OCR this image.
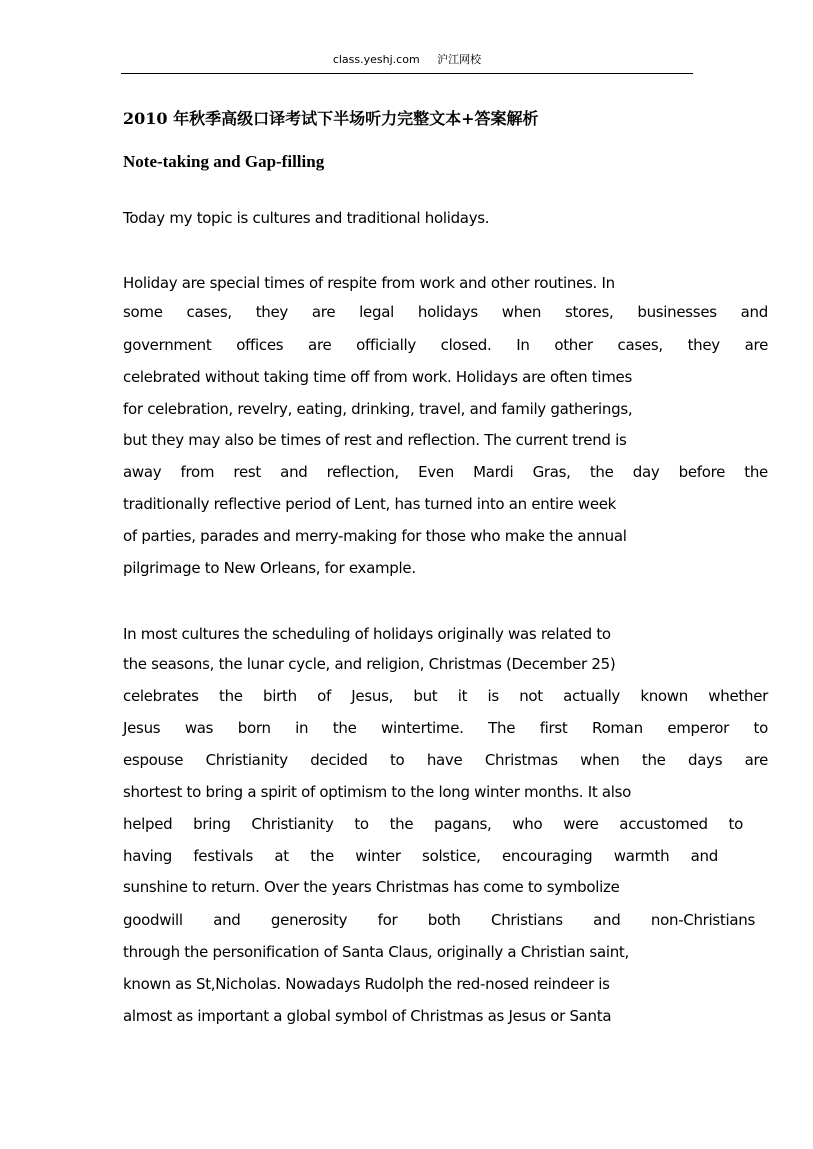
class.yeshj.com 沪江网校
2010 年秋季高级口译考试下半场听力完整文本+答案解析
Note-taking and Gap-filling
Today my topic is cultures and traditional holidays.
Holiday are special times of respite from work and other routines. In
some cases, they are legal holidays when stores, businesses and
government offices are officially closed. In other cases, they are
celebrated without taking time off from work. Holidays are often times
for celebration, revelry, eating, drinking, travel, and family gatherings,
but they may also be times of rest and reflection. The current trend is
away from rest and reflection, Even Mardi Gras, the day before the
traditionally reflective period of Lent, has turned into an entire week
of parties, parades and merry-making for those who make the annual
pilgrimage to New Orleans, for example.
In most cultures the scheduling of holidays originally was related to
the seasons, the lunar cycle, and religion, Christmas (December 25)
celebrates the birth of Jesus, but it is not actually known whether
Jesus was born in the wintertime. The first Roman emperor to
espouse Christianity decided to have Christmas when the days are
shortest to bring a spirit of optimism to the long winter months. It also
helped bring Christianity to the pagans, who were accustomed to
having festivals at the winter solstice, encouraging warmth and
sunshine to return. Over the years Christmas has come to symbolize
goodwill and generosity for both Christians and non-Christians
through the personification of Santa Claus, originally a Christian saint,
known as St,Nicholas. Nowadays Rudolph the red-nosed reindeer is
almost as important a global symbol of Christmas as Jesus or Santa
